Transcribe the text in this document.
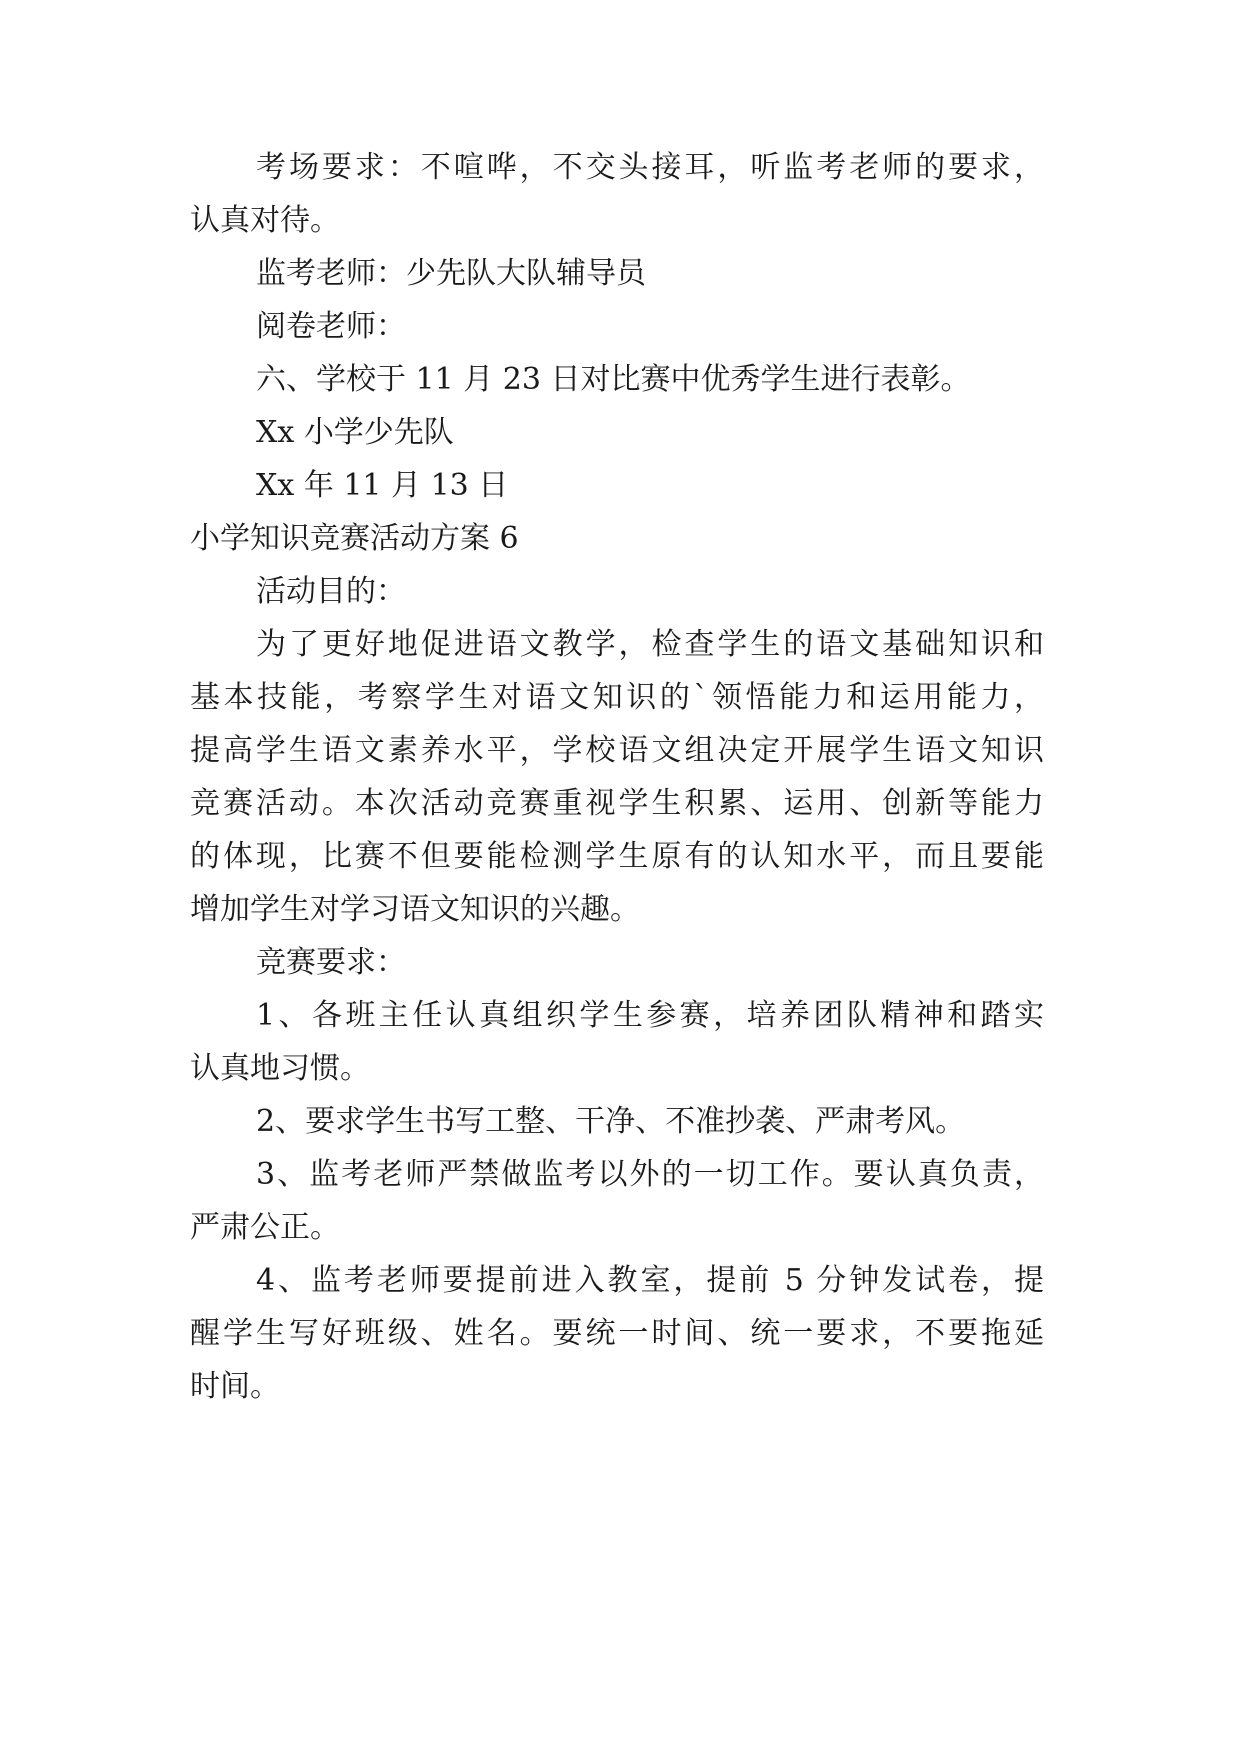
考场要求：不喧哗，不交头接耳，听监考老师的要求，
认真对待。
监考老师：少先队大队辅导员
阅卷老师：
六、学校于 11 月 23 日对比赛中优秀学生进行表彰。
Xx 小学少先队
Xx 年 11 月 13 日
小学知识竞赛活动方案 6
活动目的：
为了更好地促进语文教学，检查学生的语文基础知识和
基本技能，考察学生对语文知识的`领悟能力和运用能力，
提高学生语文素养水平，学校语文组决定开展学生语文知识
竞赛活动。本次活动竞赛重视学生积累、运用、创新等能力
的体现，比赛不但要能检测学生原有的认知水平，而且要能
增加学生对学习语文知识的兴趣。
竞赛要求：
1、各班主任认真组织学生参赛，培养团队精神和踏实
认真地习惯。
2、要求学生书写工整、干净、不准抄袭、严肃考风。
3、监考老师严禁做监考以外的一切工作。要认真负责，
严肃公正。
4、监考老师要提前进入教室，提前 5 分钟发试卷，提
醒学生写好班级、姓名。要统一时间、统一要求，不要拖延
时间。
